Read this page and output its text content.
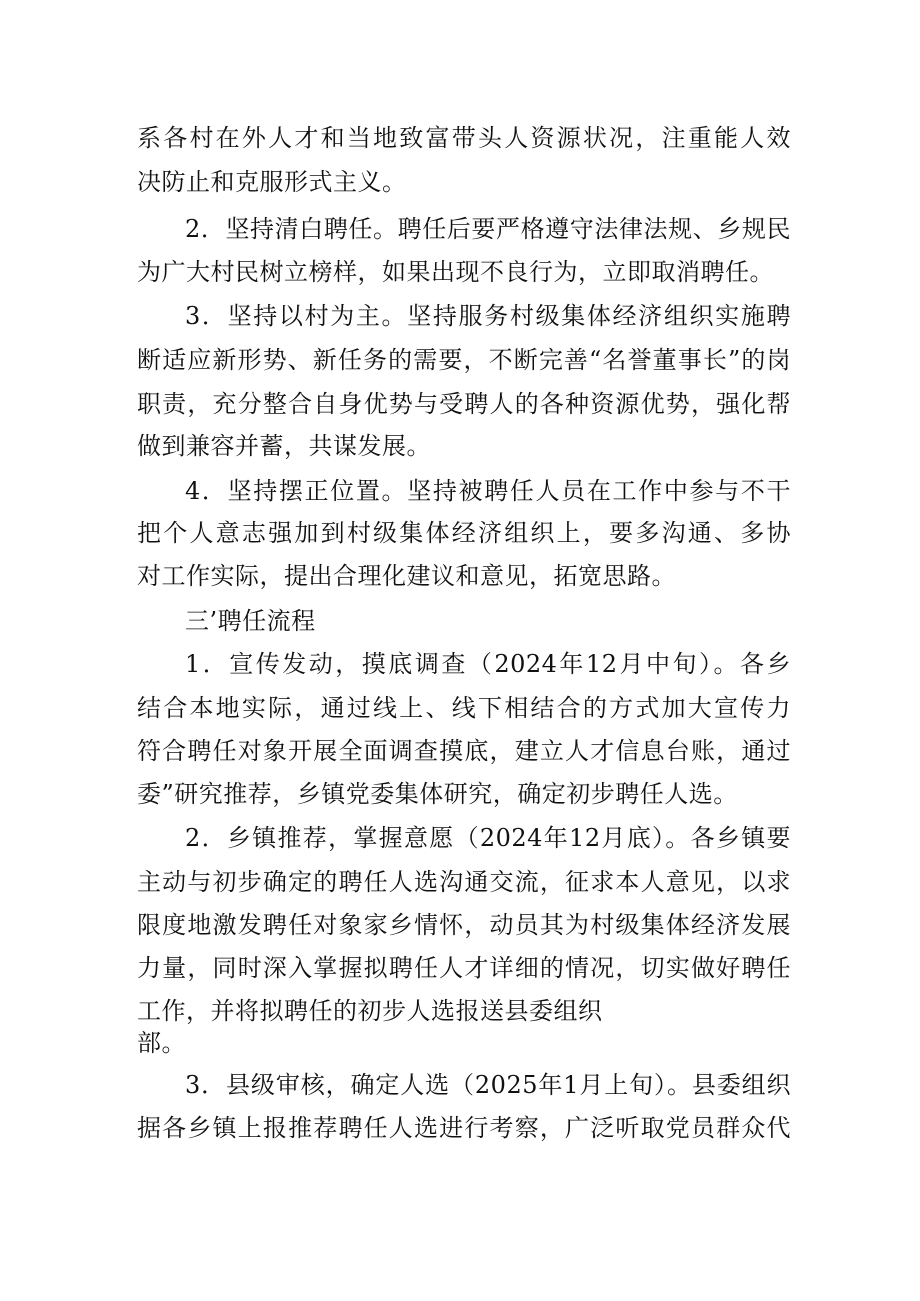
系各村在外人才和当地致富带头人资源状况，注重能人效
决防止和克服形式主义。
2．坚持清白聘任。聘任后要严格遵守法律法规、乡规民
为广大村民树立榜样，如果出现不良行为，立即取消聘任。
3．坚持以村为主。坚持服务村级集体经济组织实施聘
断适应新形势、新任务的需要，不断完善“名誉董事长”的岗
职责，充分整合自身优势与受聘人的各种资源优势，强化帮
做到兼容并蓄，共谋发展。
4．坚持摆正位置。坚持被聘任人员在工作中参与不干
把个人意志强加到村级集体经济组织上，要多沟通、多协
对工作实际，提出合理化建议和意见，拓宽思路。
三’聘任流程
1．宣传发动，摸底调查（2024年12月中旬）。各乡
结合本地实际，通过线上、线下相结合的方式加大宣传力
符合聘任对象开展全面调查摸底，建立人才信息台账，通过
委”研究推荐，乡镇党委集体研究，确定初步聘任人选。
2．乡镇推荐，掌握意愿（2024年12月底）。各乡镇要
主动与初步确定的聘任人选沟通交流，征求本人意见，以求
限度地激发聘任对象家乡情怀，动员其为村级集体经济发展
力量，同时深入掌握拟聘任人才详细的情况，切实做好聘任
工作，并将拟聘任的初步人选报送县委组织
部。
3．县级审核，确定人选（2025年1月上旬）。县委组织
据各乡镇上报推荐聘任人选进行考察，广泛听取党员群众代
